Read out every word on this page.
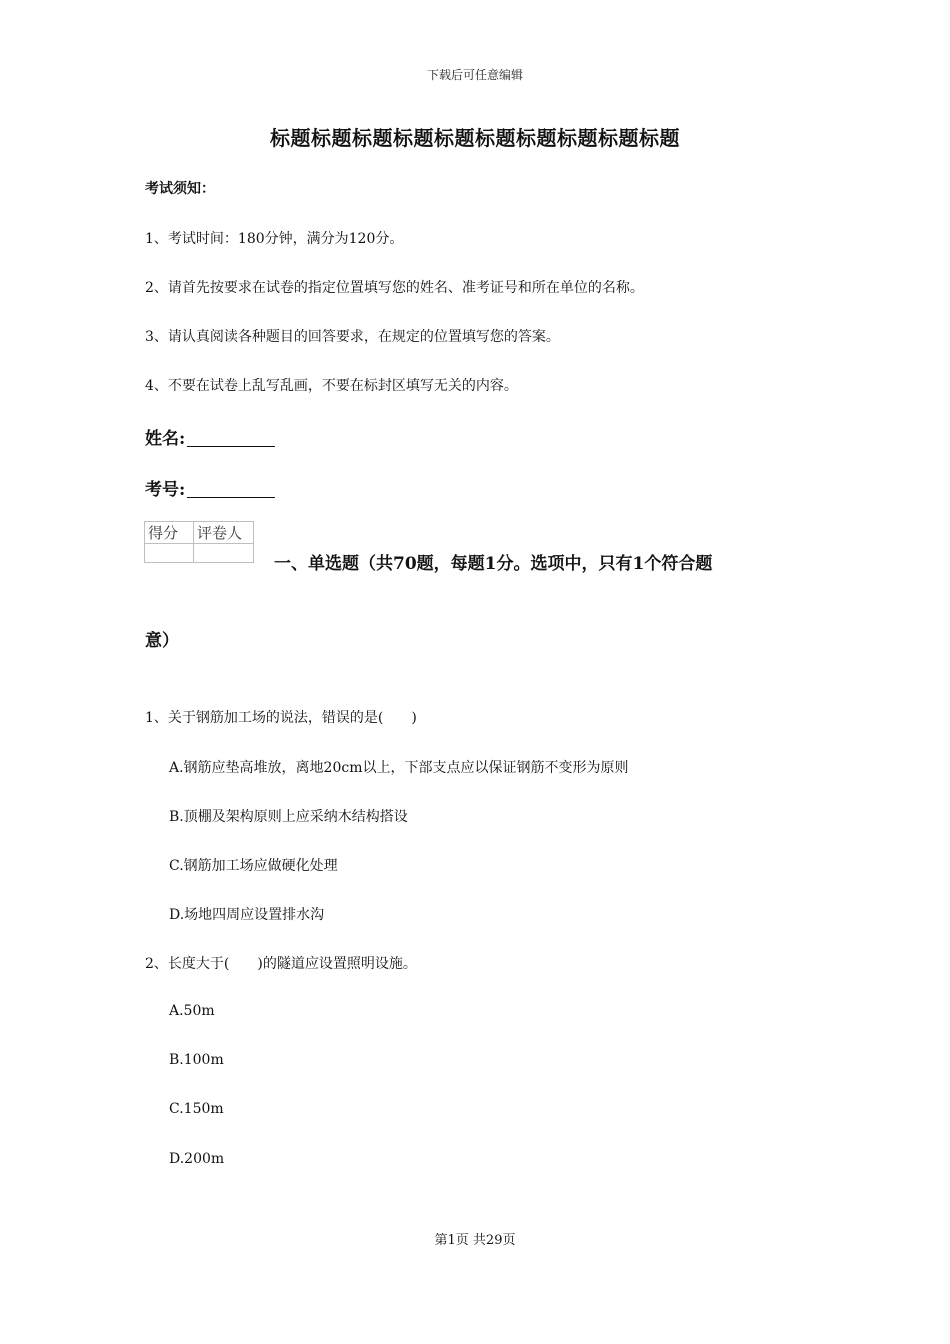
下载后可任意编辑
标题标题标题标题标题标题标题标题标题标题
考试须知：
1、考试时间：180分钟，满分为120分。
2、请首先按要求在试卷的指定位置填写您的姓名、准考证号和所在单位的名称。
3、请认真阅读各种题目的回答要求，在规定的位置填写您的答案。
4、不要在试卷上乱写乱画，不要在标封区填写无关的内容。
姓名:
考号:
得分	评卷人

一、单选题（共70题，每题1分。选项中，只有1个符合题
意）
1、关于钢筋加工场的说法，错误的是(　　)
A.钢筋应垫高堆放，离地20cm以上，下部支点应以保证钢筋不变形为原则
B.顶棚及架构原则上应采纳木结构搭设
C.钢筋加工场应做硬化处理
D.场地四周应设置排水沟
2、长度大于(　　)的隧道应设置照明设施。
A.50m
B.100m
C.150m
D.200m
第1页 共29页
